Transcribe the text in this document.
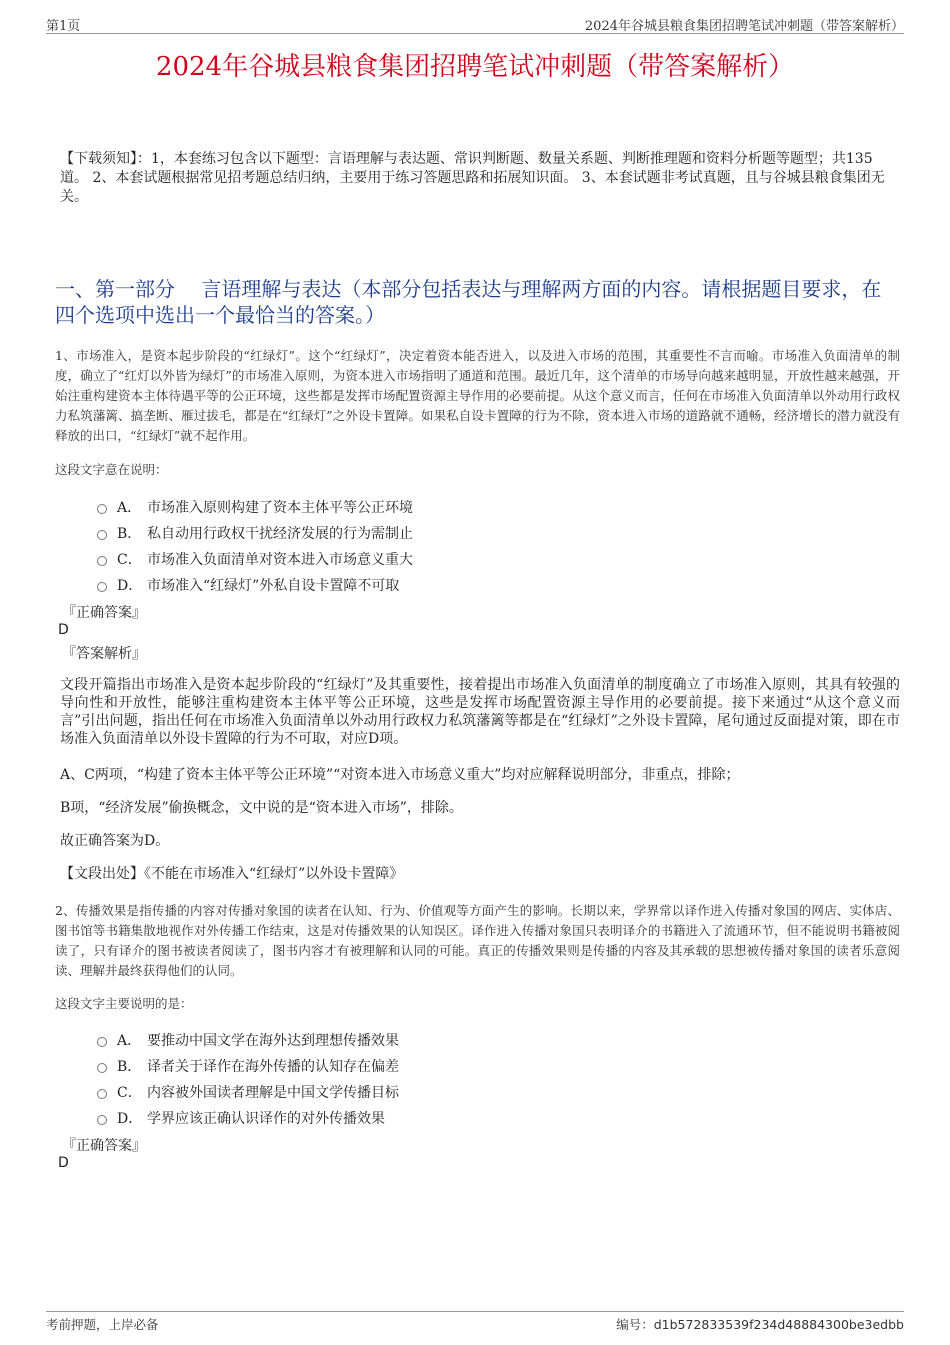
第1页	2024年谷城县粮食集团招聘笔试冲刺题（带答案解析）
2024年谷城县粮食集团招聘笔试冲刺题（带答案解析）
【下载须知】：1，本套练习包含以下题型：言语理解与表达题、常识判断题、数量关系题、判断推理题和资料分析题等题型；共135道。 2、本套试题根据常见招考题总结归纳，主要用于练习答题思路和拓展知识面。 3、本套试题非考试真题，且与谷城县粮食集团无关。
一、第一部分　 言语理解与表达（本部分包括表达与理解两方面的内容。请根据题目要求，在四个选项中选出一个最恰当的答案。）
1、市场准入，是资本起步阶段的“红绿灯”。这个“红绿灯”，决定着资本能否进入，以及进入市场的范围，其重要性不言而喻。市场准入负面清单的制度，确立了“红灯以外皆为绿灯”的市场准入原则，为资本进入市场指明了通道和范围。最近几年，这个清单的市场导向越来越明显，开放性越来越强，开始注重构建资本主体待遇平等的公正环境，这些都是发挥市场配置资源主导作用的必要前提。从这个意义而言，任何在市场准入负面清单以外动用行政权力私筑藩篱、搞垄断、雁过拔毛，都是在“红绿灯”之外设卡置障。如果私自设卡置障的行为不除，资本进入市场的道路就不通畅，经济增长的潜力就没有释放的出口，“红绿灯”就不起作用。
这段文字意在说明：
A． 市场准入原则构建了资本主体平等公正环境
B． 私自动用行政权干扰经济发展的行为需制止
C． 市场准入负面清单对资本进入市场意义重大
D． 市场准入“红绿灯”外私自设卡置障不可取
『正确答案』
D
『答案解析』
文段开篇指出市场准入是资本起步阶段的“红绿灯”及其重要性，接着提出市场准入负面清单的制度确立了市场准入原则，其具有较强的导向性和开放性，能够注重构建资本主体平等公正环境，这些是发挥市场配置资源主导作用的必要前提。接下来通过“从这个意义而言”引出问题，指出任何在市场准入负面清单以外动用行政权力私筑藩篱等都是在“红绿灯”之外设卡置障，尾句通过反面提对策，即在市场准入负面清单以外设卡置障的行为不可取，对应D项。
A、C两项，“构建了资本主体平等公正环境”“对资本进入市场意义重大”均对应解释说明部分，非重点，排除；
B项，“经济发展”偷换概念，文中说的是“资本进入市场”，排除。
故正确答案为D。
【文段出处】《不能在市场准入“红绿灯”以外设卡置障》
2、传播效果是指传播的内容对传播对象国的读者在认知、行为、价值观等方面产生的影响。长期以来，学界常以译作进入传播对象国的网店、实体店、图书馆等书籍集散地视作对外传播工作结束，这是对传播效果的认知误区。译作进入传播对象国只表明译介的书籍进入了流通环节，但不能说明书籍被阅读了，只有译介的图书被读者阅读了，图书内容才有被理解和认同的可能。真正的传播效果则是传播的内容及其承载的思想被传播对象国的读者乐意阅读、理解并最终获得他们的认同。
这段文字主要说明的是：
A． 要推动中国文学在海外达到理想传播效果
B． 译者关于译作在海外传播的认知存在偏差
C． 内容被外国读者理解是中国文学传播目标
D． 学界应该正确认识译作的对外传播效果
『正确答案』
D
考前押题，上岸必备	编号：d1b572833539f234d48884300be3edbb
